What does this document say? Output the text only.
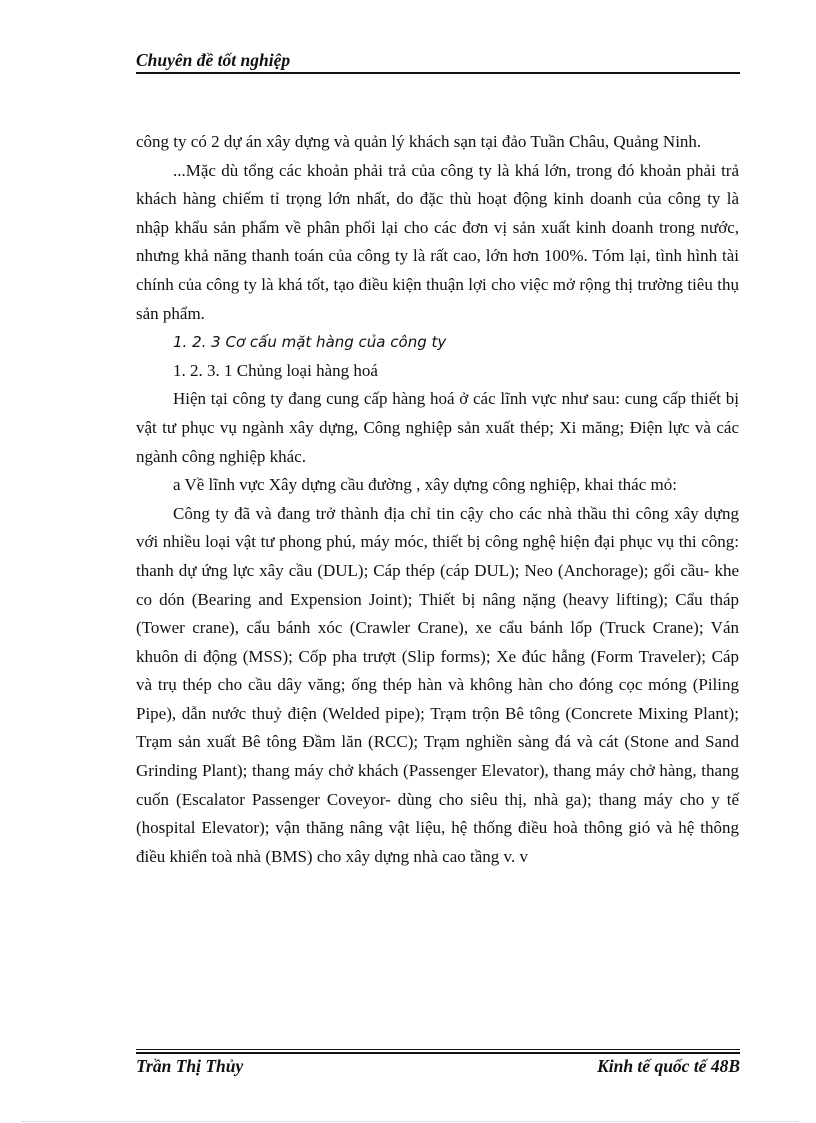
Chuyên đề tốt nghiệp

công ty có 2 dự án xây dựng và quản lý khách sạn tại đảo Tuần Châu, Quảng Ninh.

...Mặc dù tổng các khoản phải trả của công ty là khá lớn, trong đó khoản phải trả khách hàng chiếm tỉ trọng lớn nhất, do đặc thù hoạt động kinh doanh của công ty là nhập khẩu sản phẩm về phân phối lại cho các đơn vị sản xuất kinh doanh trong nước, nhưng khả năng thanh toán của công ty là rất cao, lớn hơn 100%. Tóm lại, tình hình tài chính của công ty là khá tốt, tạo điều kiện thuận lợi cho việc mở rộng thị trường tiêu thụ sản phẩm.

1. 2. 3 Cơ cấu mặt hàng của công ty

1. 2. 3. 1 Chủng loại hàng hoá

Hiện tại công ty đang cung cấp hàng hoá ở các lĩnh vực như sau: cung cấp thiết bị vật tư phục vụ ngành xây dựng, Công nghiệp sản xuất thép; Xi măng; Điện lực và các ngành công nghiệp khác.

a Về lĩnh vực Xây dựng cầu đường , xây dựng công nghiệp, khai thác mỏ:

Công ty đã và đang trở thành địa chỉ tin cậy cho các nhà thầu thi công xây dựng với nhiều loại vật tư phong phú, máy móc, thiết bị công nghệ hiện đại phục vụ thi công: thanh dự ứng lực xây cầu (DUL); Cáp thép (cáp DUL); Neo (Anchorage); gối cầu- khe co dón (Bearing and Expension Joint); Thiết bị nâng nặng (heavy lifting); Cẩu tháp (Tower crane), cẩu bánh xóc (Crawler Crane), xe cẩu bánh lốp (Truck Crane); Ván khuôn di động (MSS); Cốp pha trượt (Slip forms); Xe đúc hẫng (Form Traveler); Cáp và trụ thép cho cầu dây văng; ống thép hàn và không hàn cho đóng cọc móng (Piling Pipe), dẫn nước thuỷ điện (Welded pipe); Trạm trộn Bê tông (Concrete Mixing Plant); Trạm sản xuất Bê tông Đầm lăn (RCC); Trạm nghiền sàng đá và cát (Stone and Sand Grinding Plant); thang máy chở khách (Passenger Elevator), thang máy chở hàng, thang cuốn (Escalator Passenger Coveyor- dùng cho siêu thị, nhà ga); thang máy cho y tế (hospital Elevator); vận thăng nâng vật liệu, hệ thống điều hoà thông gió và hệ thông điều khiển toà nhà (BMS) cho xây dựng nhà cao tầng v. v

Trần Thị Thủy	Kinh tế quốc tế 48B
